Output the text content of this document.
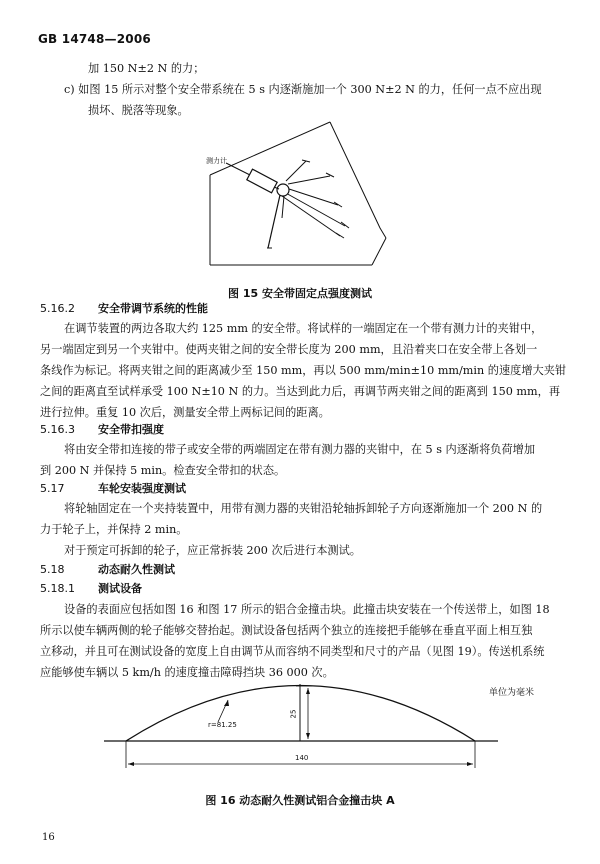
GB 14748—2006

加 150 N±2 N 的力；

c) 如图 15 所示对整个安全带系统在 5 s 内逐渐施加一个 300 N±2 N 的力，任何一点不应出现

损坏、脱落等现象。

测力计
图 15 安全带固定点强度测试
5.16.2 安全带调节系统的性能

在调节装置的两边各取大约 125 mm 的安全带。将试样的一端固定在一个带有测力计的夹钳中，

另一端固定到另一个夹钳中。使两夹钳之间的安全带长度为 200 mm，且沿着夹口在安全带上各划一

条线作为标记。将两夹钳之间的距离减少至 150 mm，再以 500 mm/min±10 mm/min 的速度增大夹钳

之间的距离直至试样承受 100 N±10 N 的力。当达到此力后，再调节两夹钳之间的距离到 150 mm，再

进行拉伸。重复 10 次后，测量安全带上两标记间的距离。

5.16.3 安全带扣强度

将由安全带扣连接的带子或安全带的两端固定在带有测力器的夹钳中，在 5 s 内逐渐将负荷增加

到 200 N 并保持 5 min。检查安全带扣的状态。

5.17	车轮安装强度测试

将轮轴固定在一个夹持装置中，用带有测力器的夹钳沿轮轴拆卸轮子方向逐渐施加一个 200 N 的

力于轮子上，并保持 2 min。

对于预定可拆卸的轮子，应正常拆装 200 次后进行本测试。

5.18	动态耐久性测试
5.18.1 测试设备

设备的表面应包括如图 16 和图 17 所示的铝合金撞击块。此撞击块安装在一个传送带上，如图 18

所示以使车辆两侧的轮子能够交替抬起。测试设备包括两个独立的连接把手能够在垂直平面上相互独

立移动，并且可在测试设备的宽度上自由调节从而容纳不同类型和尺寸的产品（见图 19）。传送机系统

应能够使车辆以 5 km/h 的速度撞击障碍挡块 36 000 次。

单位为毫米
r=81.25
25
140
图 16 动态耐久性测试铝合金撞击块 A
16
